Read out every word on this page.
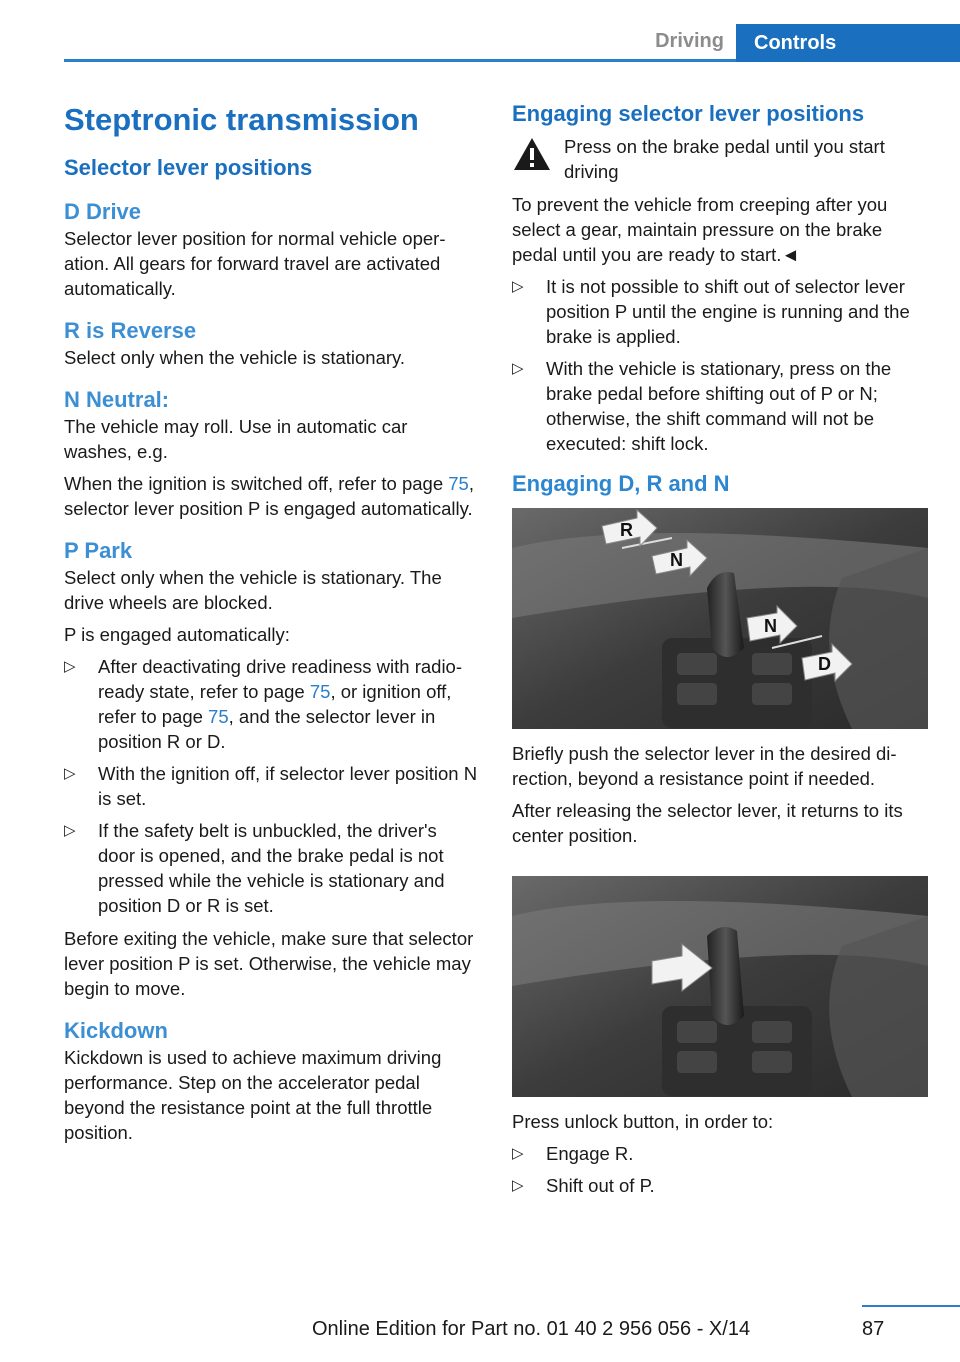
Driving	Controls
Steptronic transmission
Selector lever positions
D Drive

Selector lever position for normal vehicle operation. All gears for forward travel are activated automatically.

R is Reverse

Select only when the vehicle is stationary.

N Neutral:

The vehicle may roll. Use in automatic car washes, e.g.

When the ignition is switched off, refer to page 75, selector lever position P is engaged automatically.

P Park

Select only when the vehicle is stationary. The drive wheels are blocked.

P is engaged automatically:

▷ After deactivating drive readiness with radio-ready state, refer to page 75, or ignition off, refer to page 75, and the selector lever in position R or D.
▷ With the ignition off, if selector lever position N is set.
▷ If the safety belt is unbuckled, the driver's door is opened, and the brake pedal is not pressed while the vehicle is stationary and position D or R is set.

Before exiting the vehicle, make sure that selector lever position P is set. Otherwise, the vehicle may begin to move.

Kickdown

Kickdown is used to achieve maximum driving performance. Step on the accelerator pedal beyond the resistance point at the full throttle position.

Engaging selector lever positions
Press on the brake pedal until you start driving

To prevent the vehicle from creeping after you select a gear, maintain pressure on the brake pedal until you are ready to start.◄

▷ It is not possible to shift out of selector lever position P until the engine is running and the brake is applied.
▷ With the vehicle is stationary, press on the brake pedal before shifting out of P or N; otherwise, the shift command will not be executed: shift lock.
Engaging D, R and N
R
N
N
D

Briefly push the selector lever in the desired direction, beyond a resistance point if needed.

After releasing the selector lever, it returns to its center position.

Press unlock button, in order to:

▷ Engage R.
▷ Shift out of P.
Online Edition for Part no. 01 40 2 956 056 - X/14	87
